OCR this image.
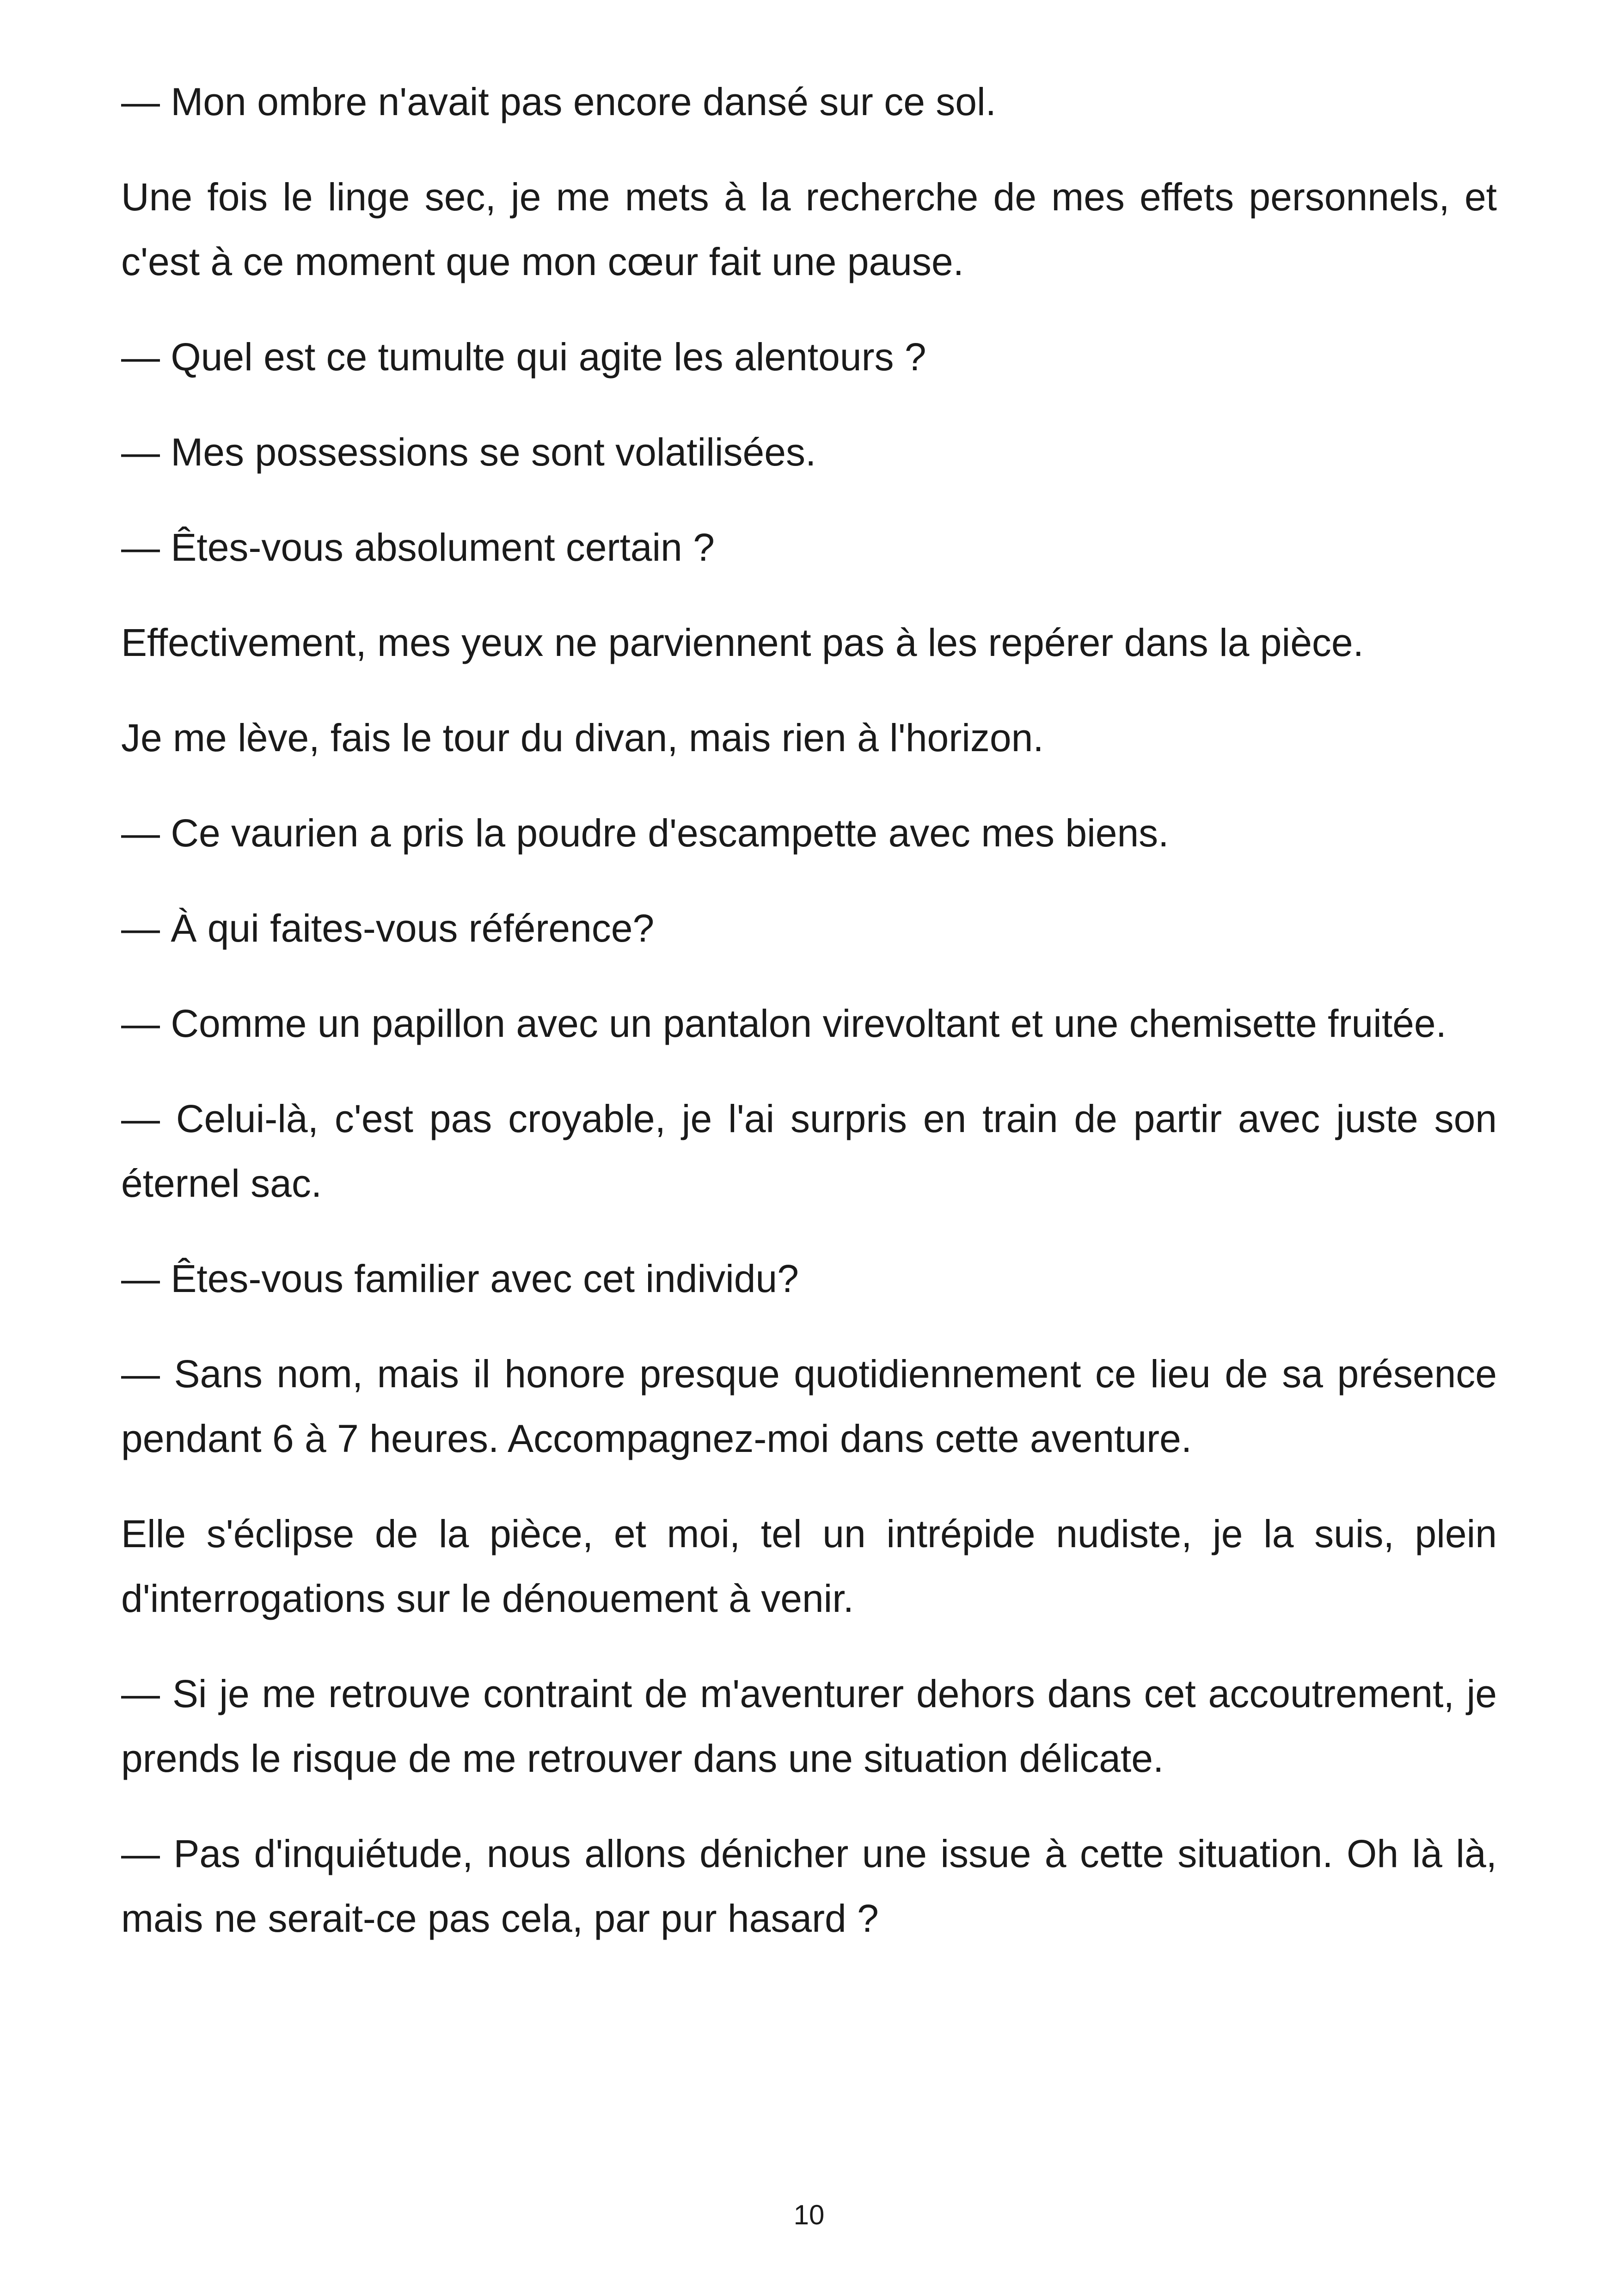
— Mon ombre n'avait pas encore dansé sur ce sol.

Une fois le linge sec, je me mets à la recherche de mes effets personnels, et c'est à ce moment que mon cœur fait une pause.

— Quel est ce tumulte qui agite les alentours ?

— Mes possessions se sont volatilisées.

— Êtes-vous absolument certain ?

Effectivement, mes yeux ne parviennent pas à les repérer dans la pièce.

Je me lève, fais le tour du divan, mais rien à l'horizon.

— Ce vaurien a pris la poudre d'escampette avec mes biens.

— À qui faites-vous référence?

— Comme un papillon avec un pantalon virevoltant et une chemisette fruitée.

— Celui-là, c'est pas croyable, je l'ai surpris en train de partir avec juste son éternel sac.

— Êtes-vous familier avec cet individu?

— Sans nom, mais il honore presque quotidiennement ce lieu de sa présence pendant 6 à 7 heures. Accompagnez-moi dans cette aventure.

Elle s'éclipse de la pièce, et moi, tel un intrépide nudiste, je la suis, plein d'interrogations sur le dénouement à venir.

— Si je me retrouve contraint de m'aventurer dehors dans cet accoutrement, je prends le risque de me retrouver dans une situation délicate.

— Pas d'inquiétude, nous allons dénicher une issue à cette situation. Oh là là, mais ne serait-ce pas cela, par pur hasard ?

10
